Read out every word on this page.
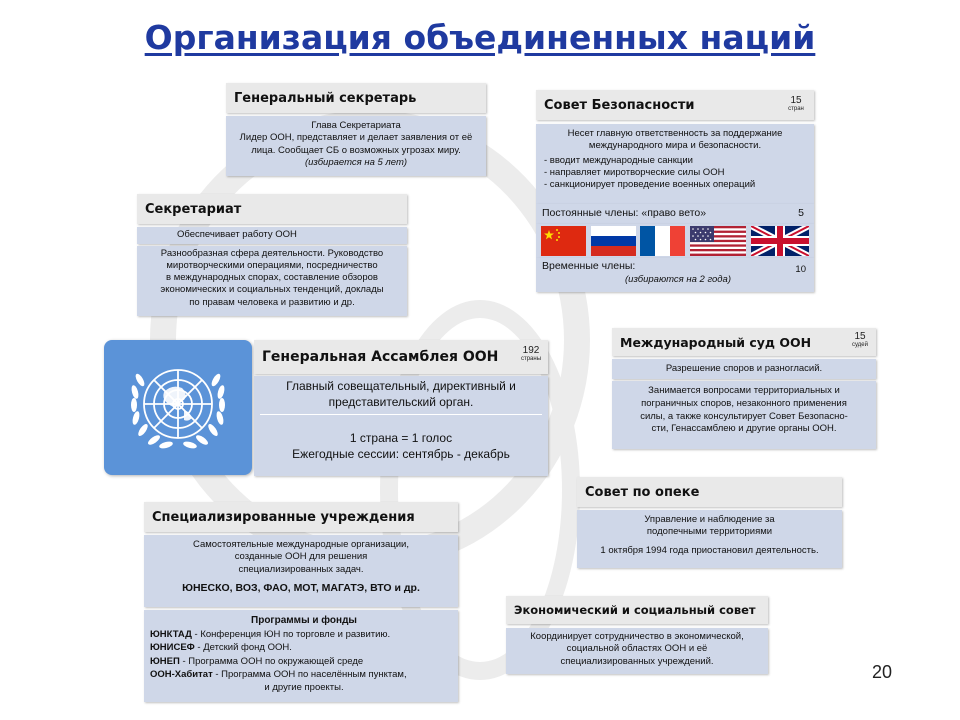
Организация объединенных наций
Генеральный секретарь
Глава Секретариата
Лидер ООН, представляет и делает заявления от её
лица. Сообщает СБ о возможных угрозах миру.
(избирается на 5 лет)
Секретариат
Обеспечивает работу ООН
Разнообразная сфера деятельности. Руководство
миротворческими операциями, посредничество
в международных спорах, составление обзоров
экономических и социальных тенденций, доклады
по правам человека и развитию и др.
Совет Безопасности	15
стран
Несет главную ответственность за поддержание
международного мира и безопасности.
- вводит международные санкции
- направляет миротворческие силы ООН
- санкционирует проведение военных операций
Постоянные члены: «право вето»	5
Временные члены:
(избираются на 2 года)
10
Генеральная Ассамблея ООН	192
страны
Главный совещательный, директивный и
представительский орган.
1 страна = 1 голос
Ежегодные сессии: сентябрь - декабрь
Международный суд ООН	15
судей
Разрешение споров и разногласий.
Занимается вопросами территориальных и
пограничных споров, незаконного применения
силы, а также консультирует Совет Безопасно-
сти, Генассамблею и другие органы ООН.
Совет по опеке
Управление и наблюдение за
подопечными территориями
1 октября 1994 года приостановил деятельность.
Специализированные учреждения
Самостоятельные международные организации,
созданные ООН для решения
специализированных задач.
ЮНЕСКО, ВОЗ, ФАО, МОТ, МАГАТЭ, ВТО и др.
Программы и фонды
ЮНКТАД - Конференция ЮН по торговле и развитию.
ЮНИСЕФ - Детский фонд ООН.
ЮНЕП - Программа ООН по окружающей среде
ООН-Хабитат - Программа ООН по населённым пунктам,
и другие проекты.
Экономический и социальный совет
Координирует сотрудничество в экономической,
социальной областях ООН и её
специализированных учреждений.
20
